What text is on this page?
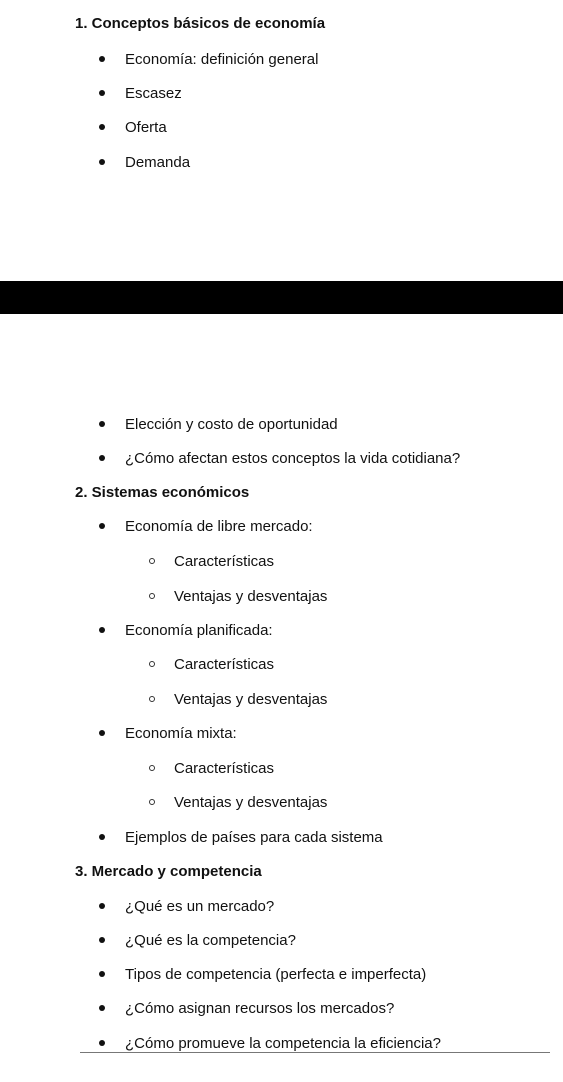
1. Conceptos básicos de economía
Economía: definición general
Escasez
Oferta
Demanda
Elección y costo de oportunidad
¿Cómo afectan estos conceptos la vida cotidiana?
2. Sistemas económicos
Economía de libre mercado:
Características
Ventajas y desventajas
Economía planificada:
Características
Ventajas y desventajas
Economía mixta:
Características
Ventajas y desventajas
Ejemplos de países para cada sistema
3. Mercado y competencia
¿Qué es un mercado?
¿Qué es la competencia?
Tipos de competencia (perfecta e imperfecta)
¿Cómo asignan recursos los mercados?
¿Cómo promueve la competencia la eficiencia?
